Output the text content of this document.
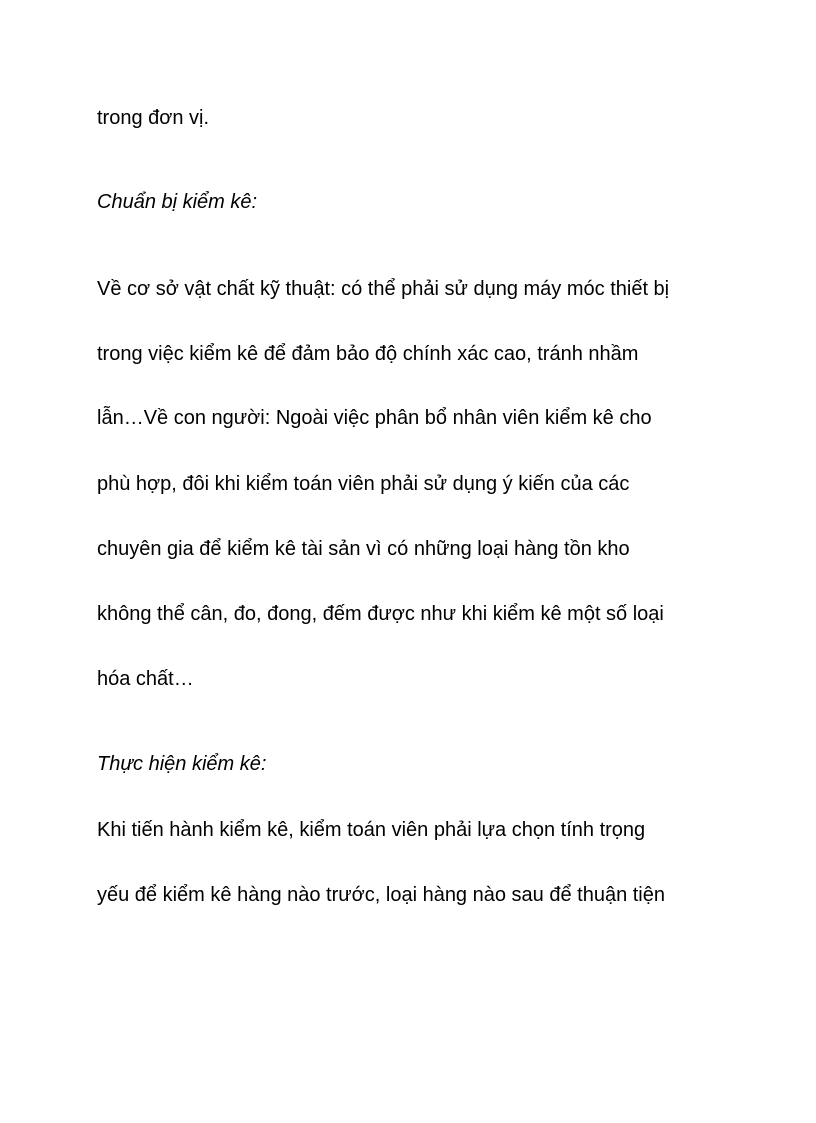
trong đơn vị.

Chuẩn bị kiểm kê:

Về cơ sở vật chất kỹ thuật: có thể phải sử dụng máy móc thiết bị

trong việc kiểm kê để đảm bảo độ chính xác cao, tránh nhầm

lẫn…Về con người: Ngoài việc phân bổ nhân viên kiểm kê cho

phù hợp, đôi khi kiểm toán viên phải sử dụng ý kiến của các

chuyên gia để kiểm kê tài sản vì có những loại hàng tồn kho

không thể cân, đo, đong, đếm được như khi kiểm kê một số loại

hóa chất…

Thực hiện kiểm kê:

Khi tiến hành kiểm kê, kiểm toán viên phải lựa chọn tính trọng

yếu để kiểm kê hàng nào trước, loại hàng nào sau để thuận tiện
